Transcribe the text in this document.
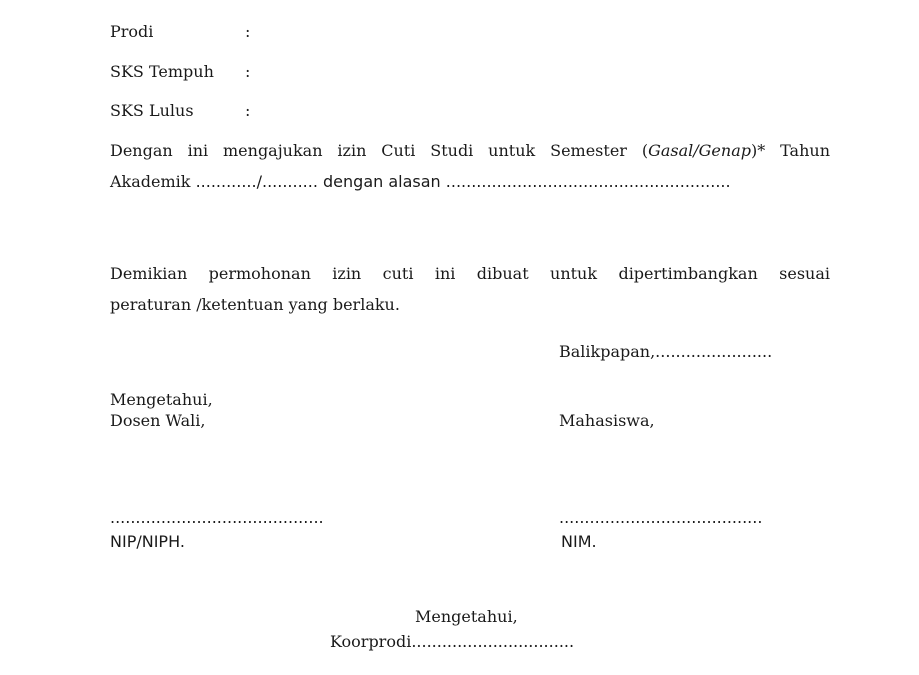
Prodi	:
SKS Tempuh :
SKS Lulus	:
Dengan ini mengajukan izin Cuti Studi untuk Semester (Gasal/Genap)* Tahun
Akademik ............/........... dengan alasan ........................................................
Demikian permohonan izin cuti ini dibuat untuk dipertimbangkan sesuai
peraturan /ketentuan yang berlaku.
Balikpapan,.......................
Mengetahui,
Dosen Wali,
..........................................
NIP/NIPH.
Mahasiswa,
........................................
NIM.
Mengetahui,
Koorprodi................................
